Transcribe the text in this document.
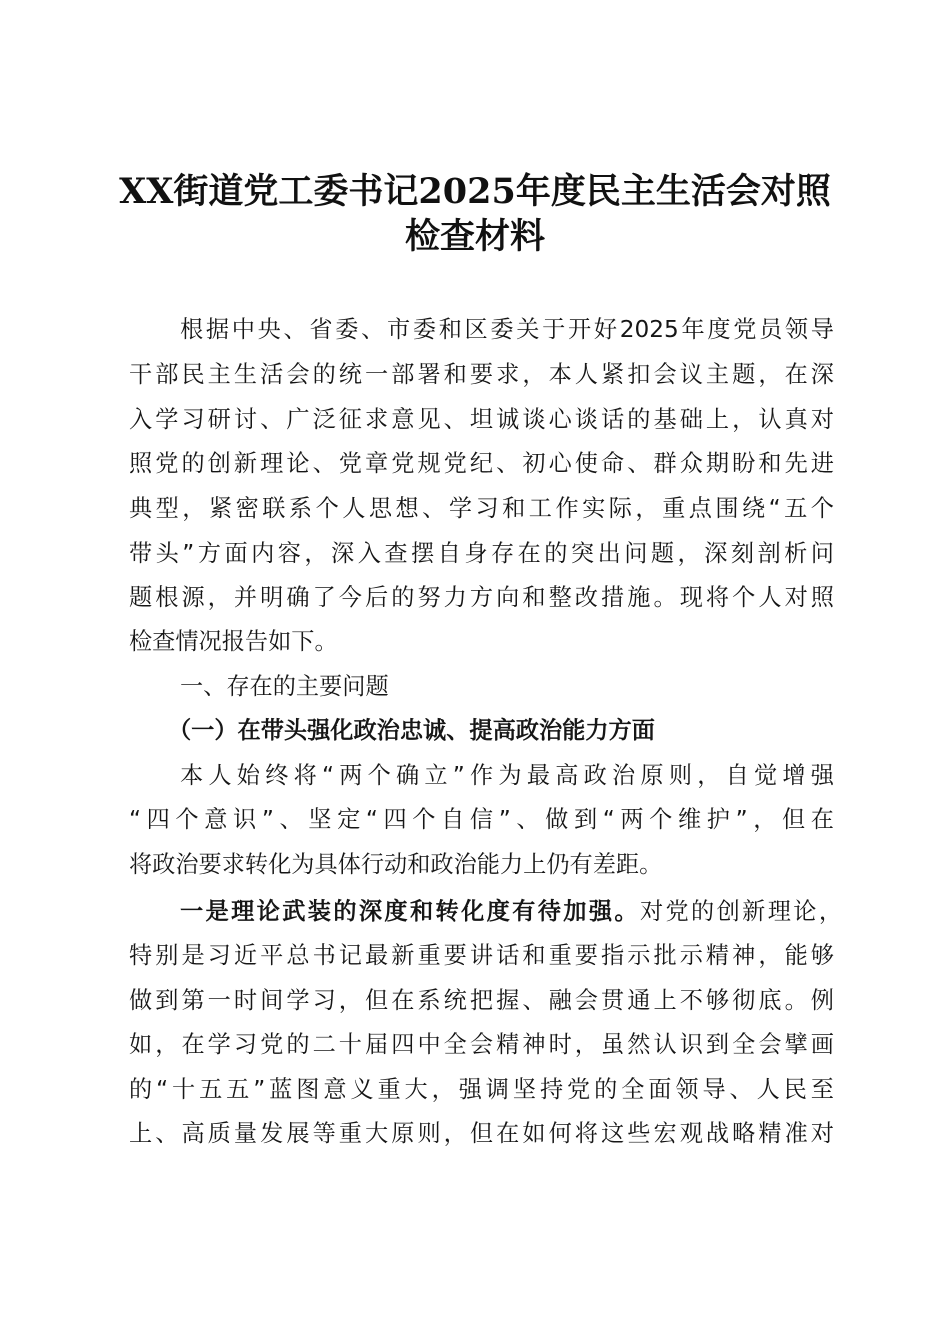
XX街道党工委书记2025年度民主生活会对照
检查材料
根据中央、省委、市委和区委关于开好2025年度党员领导
干部民主生活会的统一部署和要求，本人紧扣会议主题，在深
入学习研讨、广泛征求意见、坦诚谈心谈话的基础上，认真对
照党的创新理论、党章党规党纪、初心使命、群众期盼和先进
典型，紧密联系个人思想、学习和工作实际，重点围绕“五个
带头”方面内容，深入查摆自身存在的突出问题，深刻剖析问
题根源，并明确了今后的努力方向和整改措施。现将个人对照
检查情况报告如下。
一、存在的主要问题
（一）在带头强化政治忠诚、提高政治能力方面
本人始终将“两个确立”作为最高政治原则，自觉增强
“四个意识”、坚定“四个自信”、做到“两个维护”，但在
将政治要求转化为具体行动和政治能力上仍有差距。
一是理论武装的深度和转化度有待加强。对党的创新理论，
特别是习近平总书记最新重要讲话和重要指示批示精神，能够
做到第一时间学习，但在系统把握、融会贯通上不够彻底。例
如，在学习党的二十届四中全会精神时，虽然认识到全会擘画
的“十五五”蓝图意义重大，强调坚持党的全面领导、人民至
上、高质量发展等重大原则，但在如何将这些宏观战略精准对
